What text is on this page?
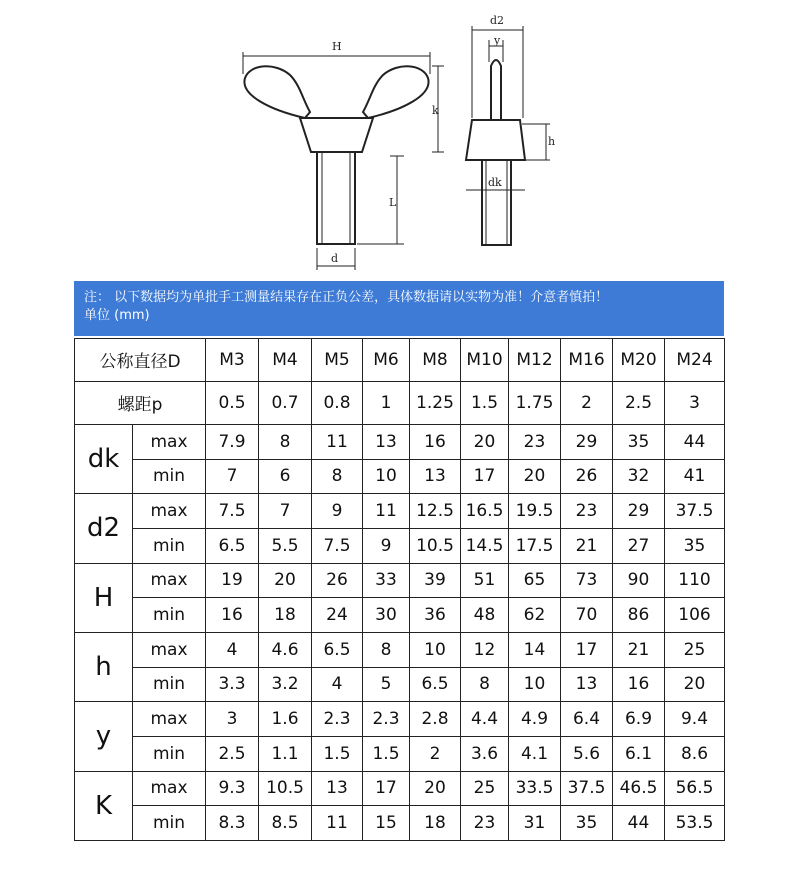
H
k
L
d
d2
y
h
dk
注： 以下数据均为单批手工测量结果存在正负公差，具体数据请以实物为准！介意者慎拍！
单位 (mm)
公称直径D		M3	M4	M5	M6	M8	M10	M12	M16	M20	M24
螺距p		0.5	0.7	0.8	1	1.25	1.5	1.75	2	2.5	3
dk	max	7.9	8	11	13	16	20	23	29	35	44
	min	7	6	8	10	13	17	20	26	32	41
d2	max	7.5	7	9	11	12.5	16.5	19.5	23	29	37.5
	min	6.5	5.5	7.5	9	10.5	14.5	17.5	21	27	35
H	max	19	20	26	33	39	51	65	73	90	110
	min	16	18	24	30	36	48	62	70	86	106
h	max	4	4.6	6.5	8	10	12	14	17	21	25
	min	3.3	3.2	4	5	6.5	8	10	13	16	20
y	max	3	1.6	2.3	2.3	2.8	4.4	4.9	6.4	6.9	9.4
	min	2.5	1.1	1.5	1.5	2	3.6	4.1	5.6	6.1	8.6
K	max	9.3	10.5	13	17	20	25	33.5	37.5	46.5	56.5
	min	8.3	8.5	11	15	18	23	31	35	44	53.5
